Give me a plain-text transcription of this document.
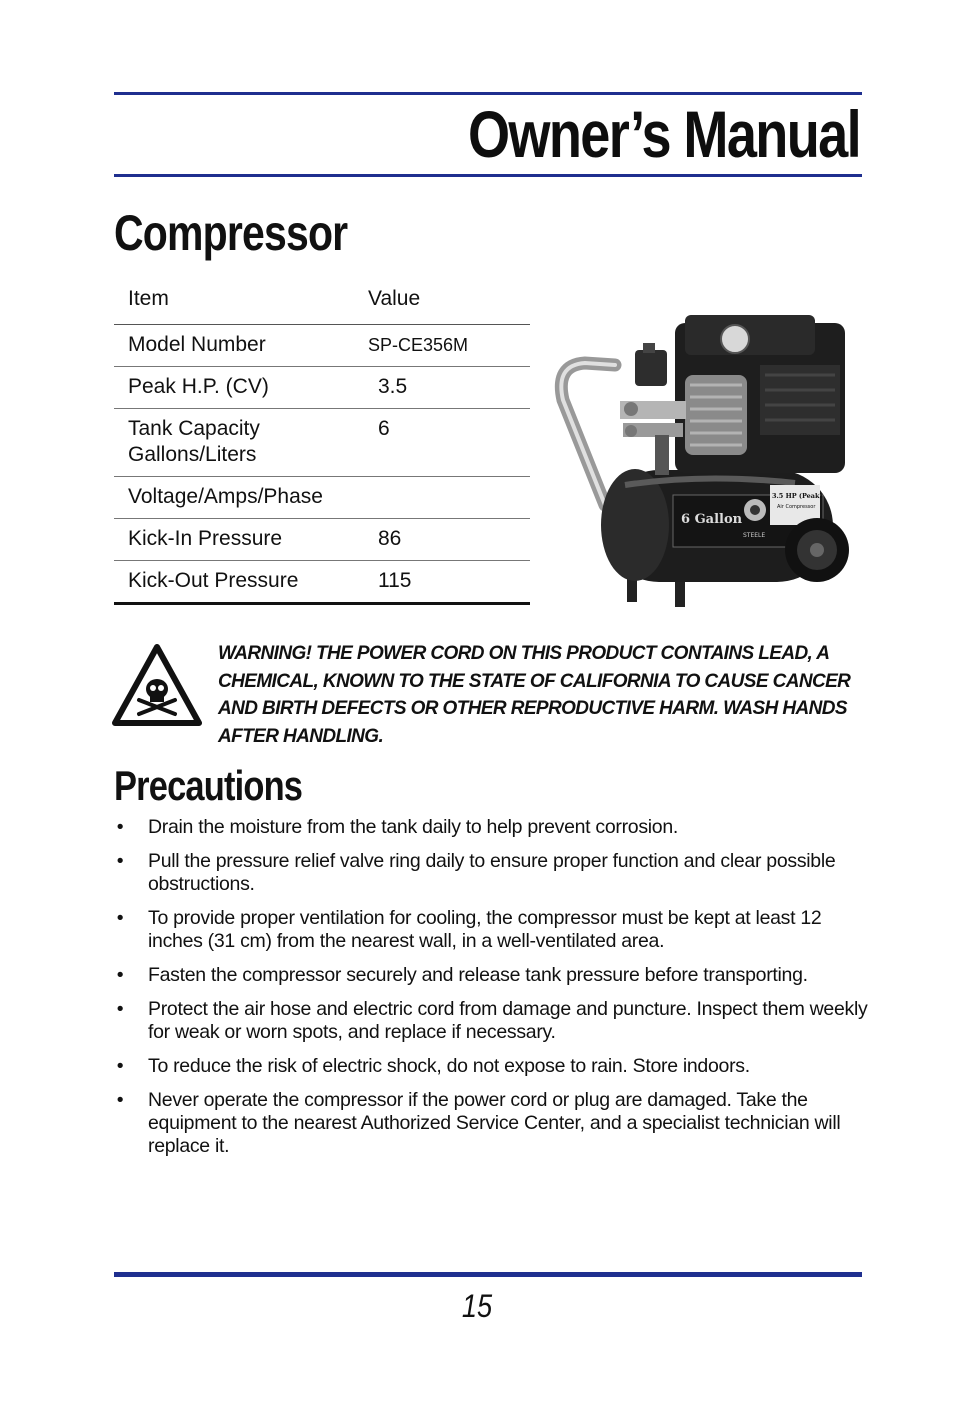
Owner’s Manual
Compressor
Item	Value
Model Number	SP-CE356M
Peak H.P. (CV)	3.5
Tank Capacity
Gallons/Liters	6
Voltage/Amps/Phase	
Kick-In Pressure	86
Kick-Out Pressure	115
6 Gallon
STEELE
3.5 HP (Peak)
Air Compressor

WARNING! THE POWER CORD ON THIS PRODUCT CONTAINS LEAD, A CHEMICAL, KNOWN TO THE STATE OF CALIFORNIA TO CAUSE CANCER AND BIRTH DEFECTS OR OTHER REPRODUCTIVE HARM. WASH HANDS AFTER HANDLING.

Precautions
• Drain the moisture from the tank daily to help prevent corrosion.
• Pull the pressure relief valve ring daily to ensure proper function and clear possible obstructions.
• To provide proper ventilation for cooling, the compressor must be kept at least 12 inches (31 cm) from the nearest wall, in a well-ventilated area.
• Fasten the compressor securely and release tank pressure before transporting.
• Protect the air hose and electric cord from damage and puncture. Inspect them weekly for weak or worn spots, and replace if necessary.
• To reduce the risk of electric shock, do not expose to rain. Store indoors.
• Never operate the compressor if the power cord or plug are damaged. Take the equipment to the nearest Authorized Service Center, and a specialist technician will replace it.
15
